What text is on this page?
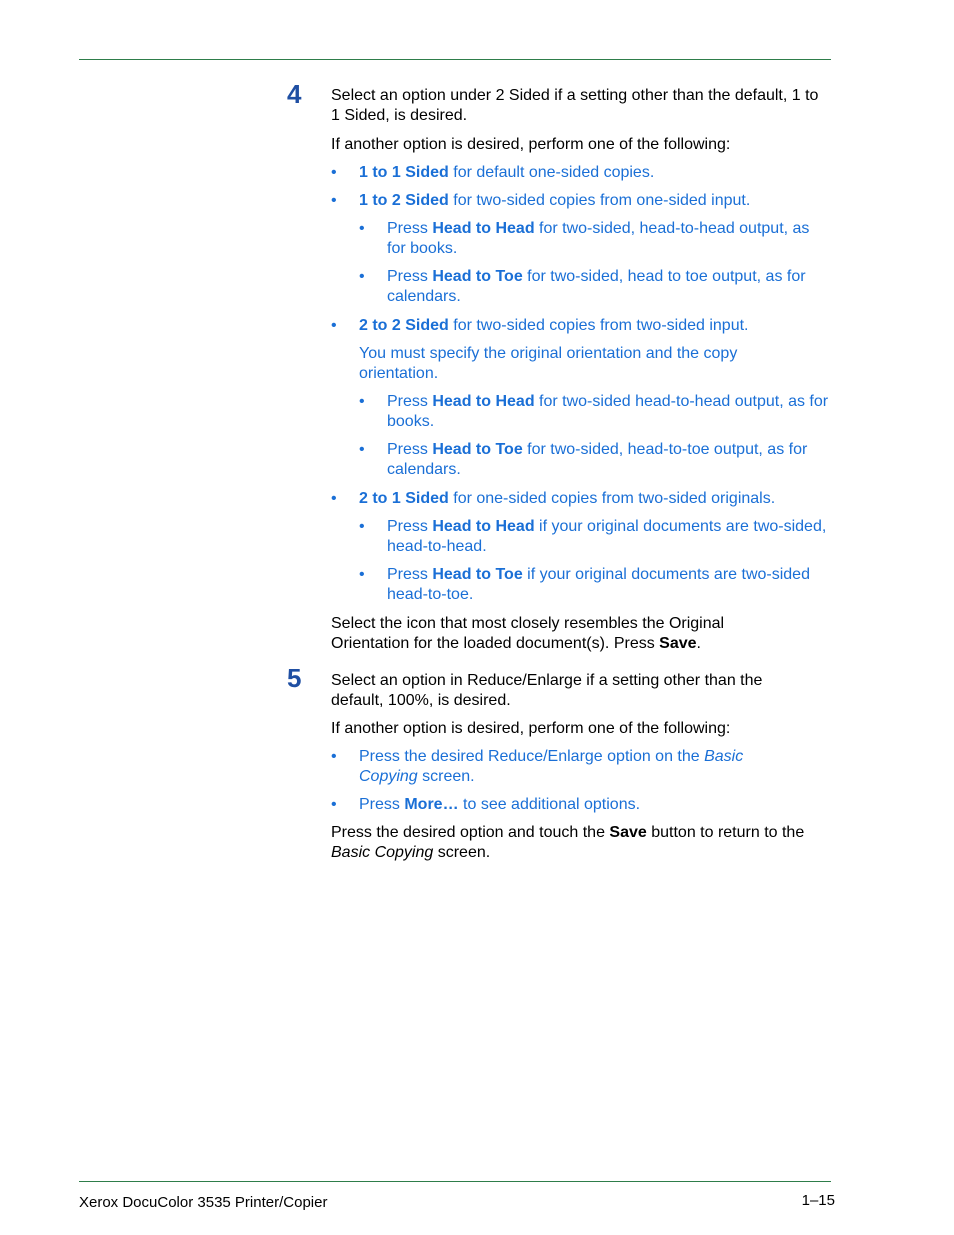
4 Select an option under 2 Sided if a setting other than the default, 1 to 1 Sided, is desired.

If another option is desired, perform one of the following:

• 1 to 1 Sided for default one-sided copies.
• 1 to 2 Sided for two-sided copies from one-sided input.
• Press Head to Head for two-sided, head-to-head output, as for books.
• Press Head to Toe for two-sided, head to toe output, as for calendars.
• 2 to 2 Sided for two-sided copies from two-sided input.
You must specify the original orientation and the copy orientation.
• Press Head to Head for two-sided head-to-head output, as for books.
• Press Head to Toe for two-sided, head-to-toe output, as for calendars.
• 2 to 1 Sided for one-sided copies from two-sided originals.
• Press Head to Head if your original documents are two-sided, head-to-head.
• Press Head to Toe if your original documents are two-sided head-to-toe.

Select the icon that most closely resembles the Original Orientation for the loaded document(s). Press Save.

5 Select an option in Reduce/Enlarge if a setting other than the default, 100%, is desired.

If another option is desired, perform one of the following:

• Press the desired Reduce/Enlarge option on the Basic Copying screen.
• Press More… to see additional options.

Press the desired option and touch the Save button to return to the Basic Copying screen.

Xerox DocuColor 3535 Printer/Copier	1–15
